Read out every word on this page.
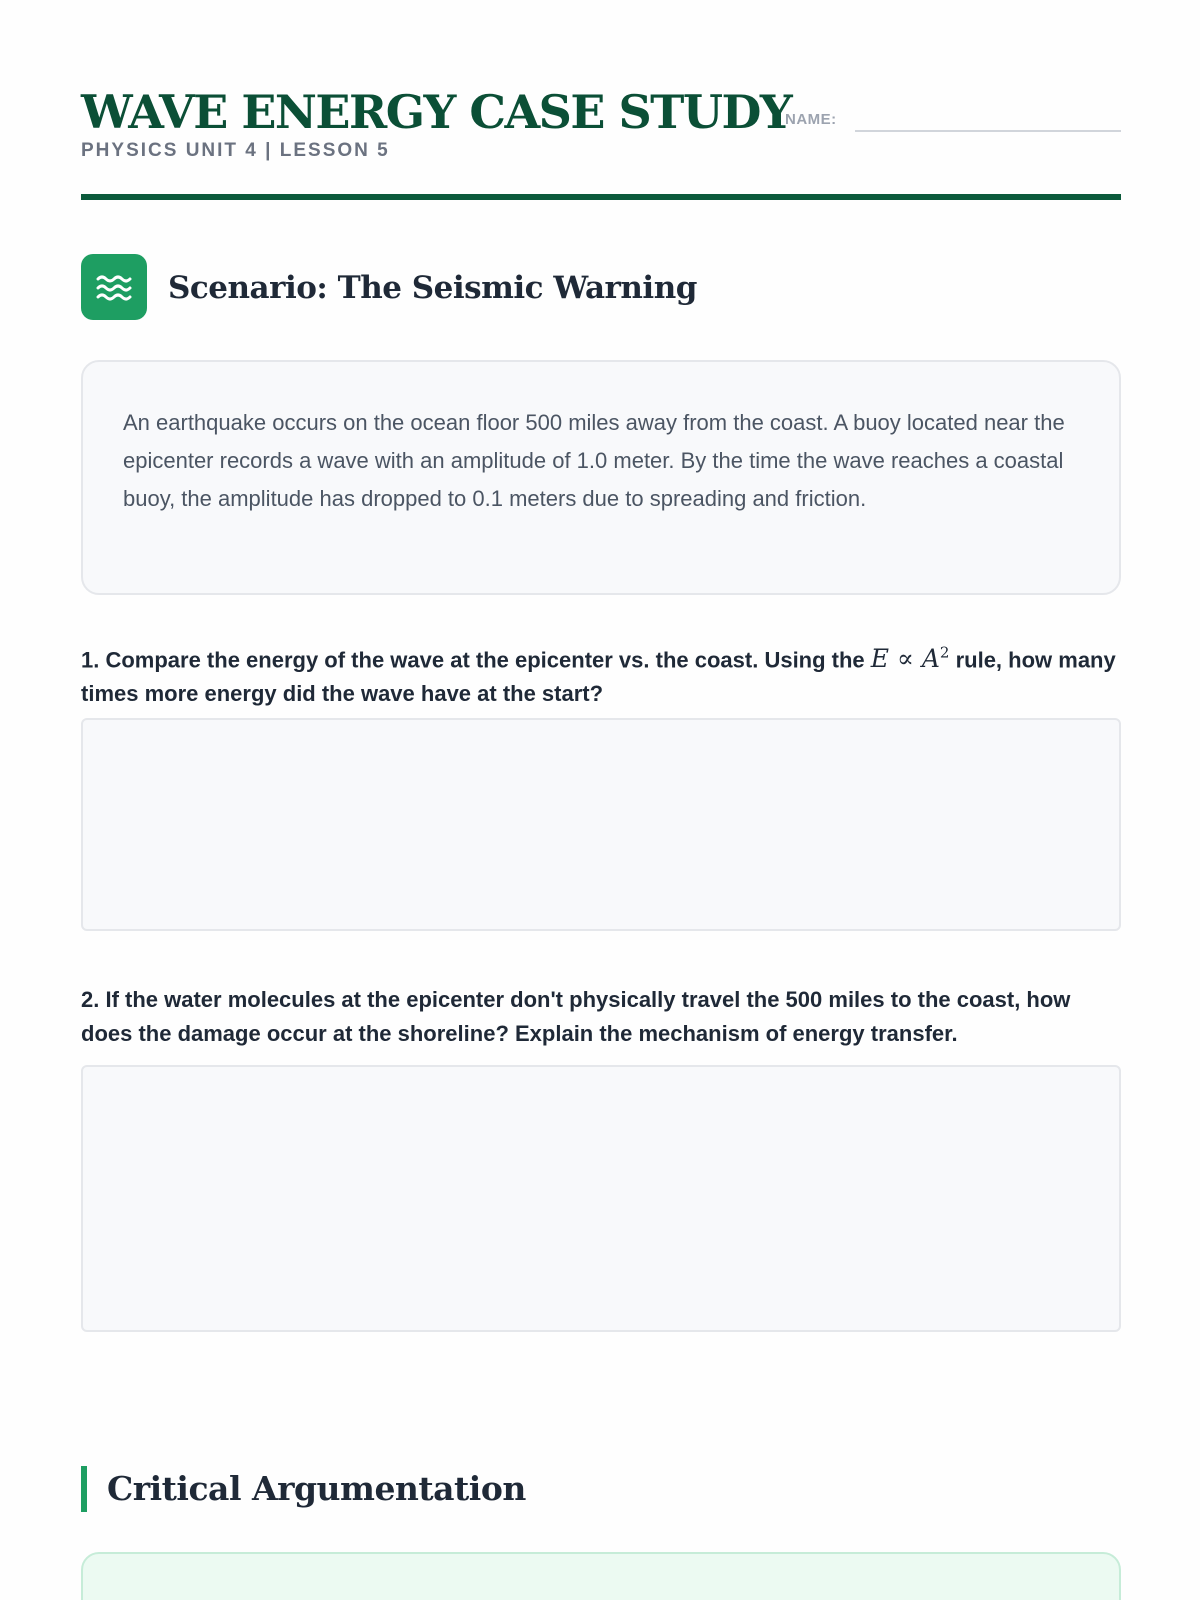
WAVE ENERGY CASE STUDY
NAME:
PHYSICS UNIT 4 | LESSON 5
Scenario: The Seismic Warning

An earthquake occurs on the ocean floor 500 miles away from the coast. A buoy located near the epicenter records a wave with an amplitude of 1.0 meter. By the time the wave reaches a coastal buoy, the amplitude has dropped to 0.1 meters due to spreading and friction.

1. Compare the energy of the wave at the epicenter vs. the coast. Using the $E \propto A^2$ rule, how many times more energy did the wave have at the start?

2. If the water molecules at the epicenter don't physically travel the 500 miles to the coast, how does the damage occur at the shoreline? Explain the mechanism of energy transfer.

Critical Argumentation
